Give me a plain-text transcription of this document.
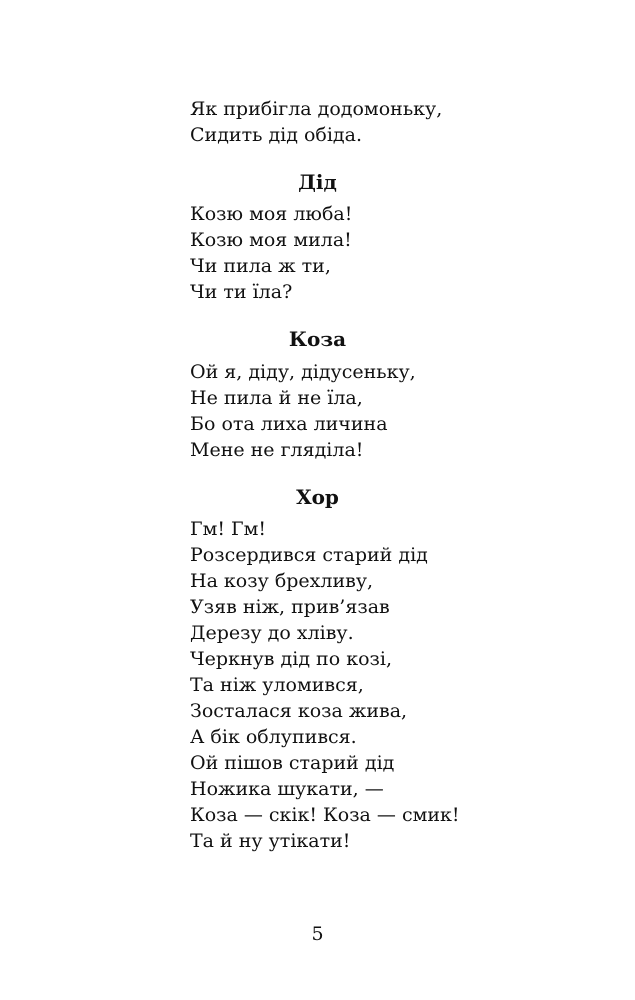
Як прибігла додомоньку,

Сидить дід обіда.

Дід

Козю моя люба!

Козю моя мила!

Чи пила ж ти,

Чи ти їла?

Коза

Ой я, діду, дідусеньку,

Не пила й не їла,

Бо ота лиха личина

Мене не гляділа!

Хор

Гм! Гм!

Розсердився старий дід

На козу брехливу,

Узяв ніж, прив’язав

Дерезу до хліву.

Черкнув дід по козі,

Та ніж уломився,

Зосталася коза жива,

А бік облупився.

Ой пішов старий дід

Ножика шукати, —

Коза — скік! Коза — смик!

Та й ну утікати!

5
